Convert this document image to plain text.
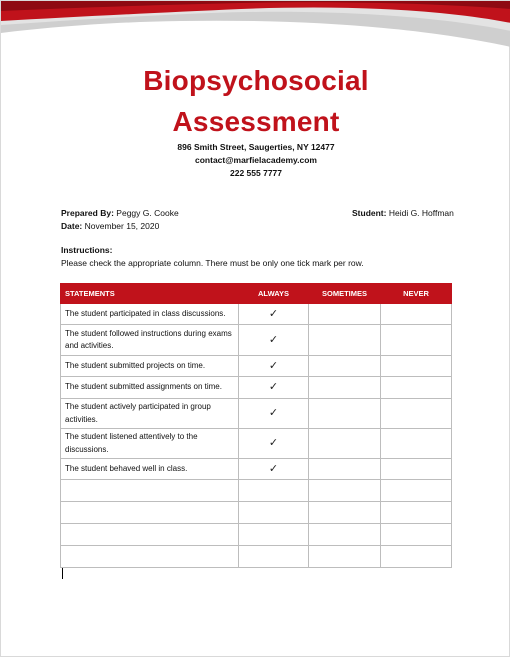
Biopsychosocial
Assessment
896 Smith Street, Saugerties, NY 12477
contact@marfielacademy.com
222 555 7777
Prepared By: Peggy G. Cooke
Date: November 15, 2020
Student: Heidi G. Hoffman
Instructions:
Please check the appropriate column. There must be only one tick mark per row.
STATEMENTS	ALWAYS	SOMETIMES	NEVER
The student participated in class discussions.	✓		
The student followed instructions during exams and activities.	✓		
The student submitted projects on time.	✓		
The student submitted assignments on time.	✓		
The student actively participated in group activities.	✓		
The student listened attentively to the discussions.	✓		
The student behaved well in class.	✓		
